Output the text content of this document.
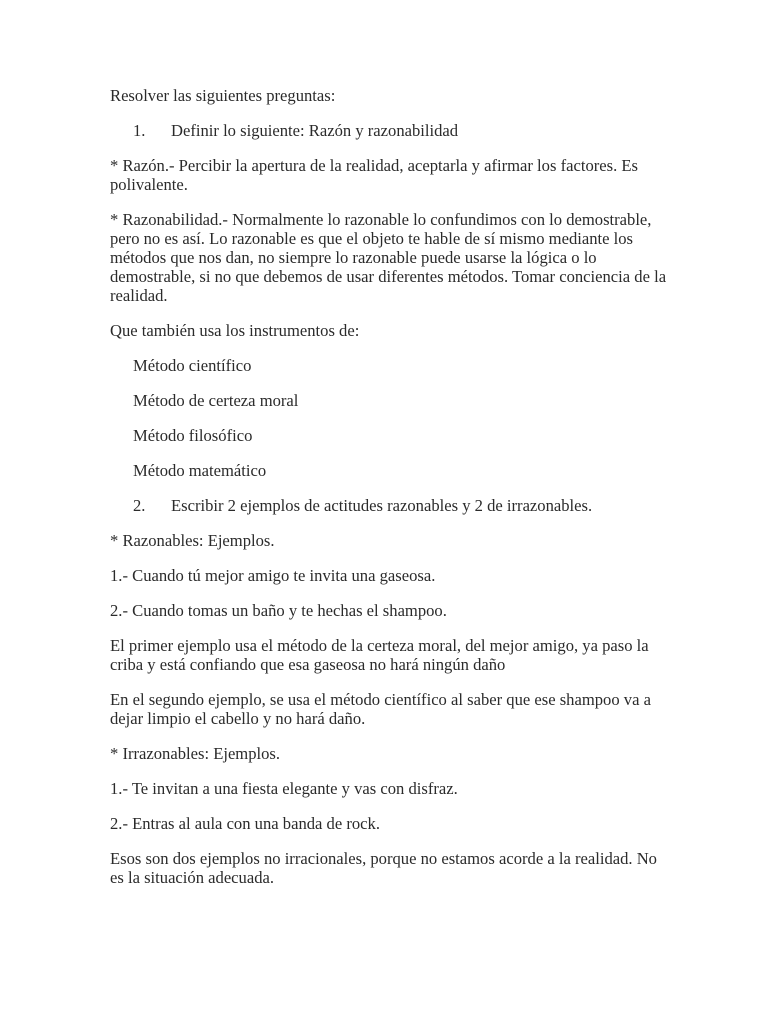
Resolver las siguientes preguntas:

1. Definir lo siguiente: Razón y razonabilidad

* Razón.- Percibir la apertura de la realidad, aceptarla y afirmar los factores. Es polivalente.

* Razonabilidad.- Normalmente lo razonable lo confundimos con lo demostrable, pero no es así. Lo razonable es que el objeto te hable de sí mismo mediante los métodos que nos dan, no siempre lo razonable puede usarse la lógica o lo demostrable, si no que debemos de usar diferentes métodos. Tomar conciencia de la realidad.

Que también usa los instrumentos de:

Método científico

Método de certeza moral

Método filosófico

Método matemático

2. Escribir 2 ejemplos de actitudes razonables y 2 de irrazonables.

* Razonables: Ejemplos.

1.- Cuando tú mejor amigo te invita una gaseosa.

2.- Cuando tomas un baño y te hechas el shampoo.

El primer ejemplo usa el método de la certeza moral, del mejor amigo, ya paso la criba y está confiando que esa gaseosa no hará ningún daño

En el segundo ejemplo, se usa el método científico al saber que ese shampoo va a dejar limpio el cabello y no hará daño.

* Irrazonables: Ejemplos.

1.- Te invitan a una fiesta elegante y vas con disfraz.

2.- Entras al aula con una banda de rock.

Esos son dos ejemplos no irracionales, porque no estamos acorde a la realidad. No es la situación adecuada.
